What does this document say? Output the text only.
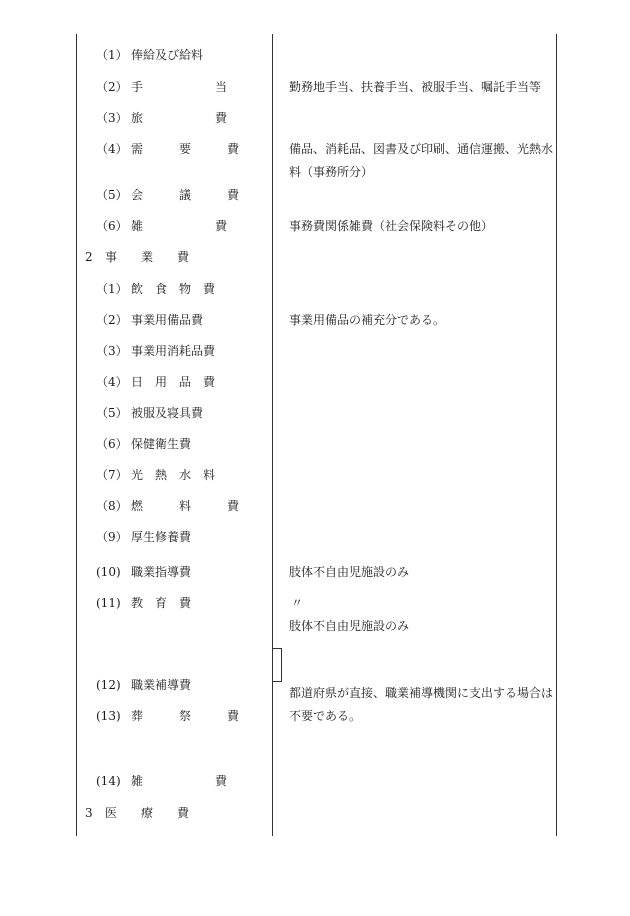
（1） 俸給及び給料
（2） 手　　　　　　当
（3） 旅　　　　　　費
（4） 需　　　要　　　費
（5） 会　　　議　　　費
（6） 雑　　　　　　費
2 事　　業　　費
（1） 飲　食　物　費
（2） 事業用備品費
（3） 事業用消耗品費
（4） 日　用　品　費
（5） 被服及寝具費
（6） 保健衛生費
（7） 光　熱　水　料
（8） 燃　　　料　　　費
（9） 厚生修養費
(10) 職業指導費
(11) 教　育　費
(12) 職業補導費
(13) 葬　　　祭　　　費
(14) 雑　　　　　　費
3 医　　療　　費
勤務地手当、扶養手当、被服手当、嘱託手当等
備品、消耗品、図書及び印刷、通信運搬、光熱水
料（事務所分）
事務費関係雑費（社会保険料その他）
事業用備品の補充分である。
肢体不自由児施設のみ
〃
肢体不自由児施設のみ
都道府県が直接、職業補導機関に支出する場合は
不要である。
